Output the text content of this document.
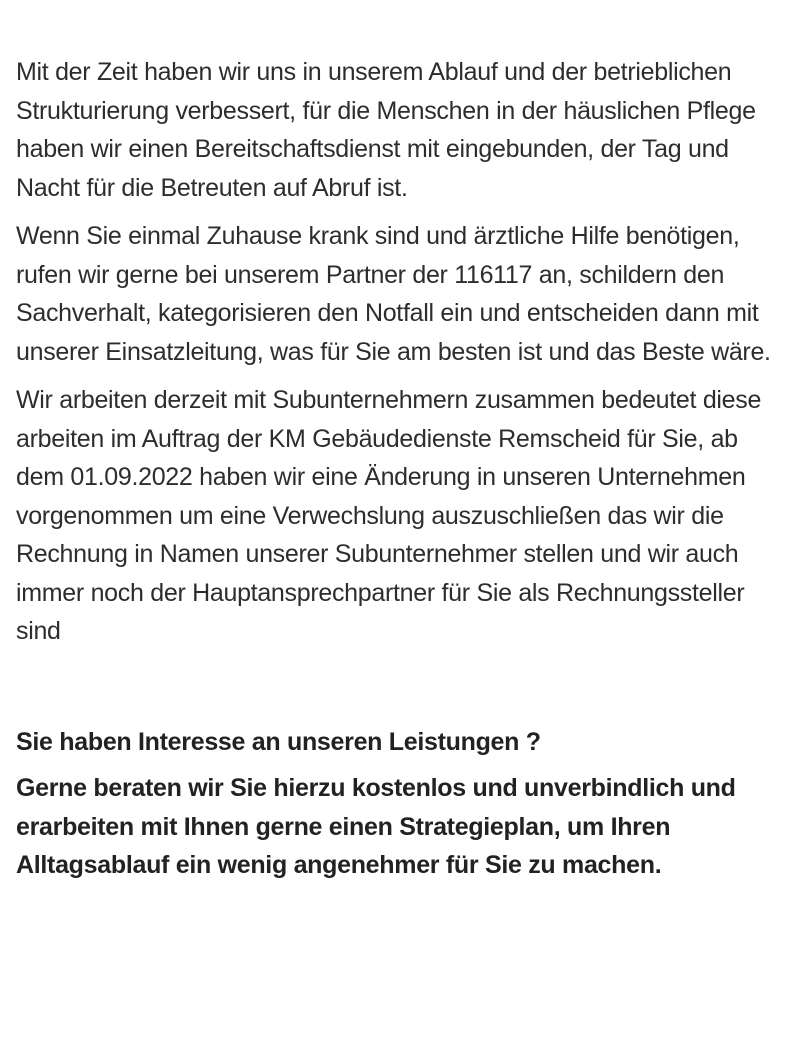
Mit der Zeit haben wir uns in unserem Ablauf und der betrieblichen Strukturierung verbessert, für die Menschen in der häuslichen Pflege haben wir einen Bereitschaftsdienst mit eingebunden, der Tag und Nacht für die Betreuten auf Abruf ist.

Wenn Sie einmal Zuhause krank sind und ärztliche Hilfe benötigen, rufen wir gerne bei unserem Partner der 116117 an, schildern den Sachverhalt, kategorisieren den Notfall ein und entscheiden dann mit unserer Einsatzleitung, was für Sie am besten ist und das Beste wäre.

Wir arbeiten derzeit mit Subunternehmern zusammen bedeutet diese arbeiten im Auftrag der KM Gebäudedienste Remscheid für Sie, ab dem 01.09.2022 haben wir eine Änderung in unseren Unternehmen vorgenommen um eine Verwechslung auszuschließen das wir die Rechnung in Namen unserer Subunternehmer stellen und wir auch immer noch der Hauptansprechpartner für Sie als Rechnungssteller sind

Sie haben Interesse an unseren Leistungen ?

Gerne beraten wir Sie hierzu kostenlos und unverbindlich und erarbeiten mit Ihnen gerne einen Strategieplan, um Ihren Alltagsablauf ein wenig angenehmer für Sie zu machen.
